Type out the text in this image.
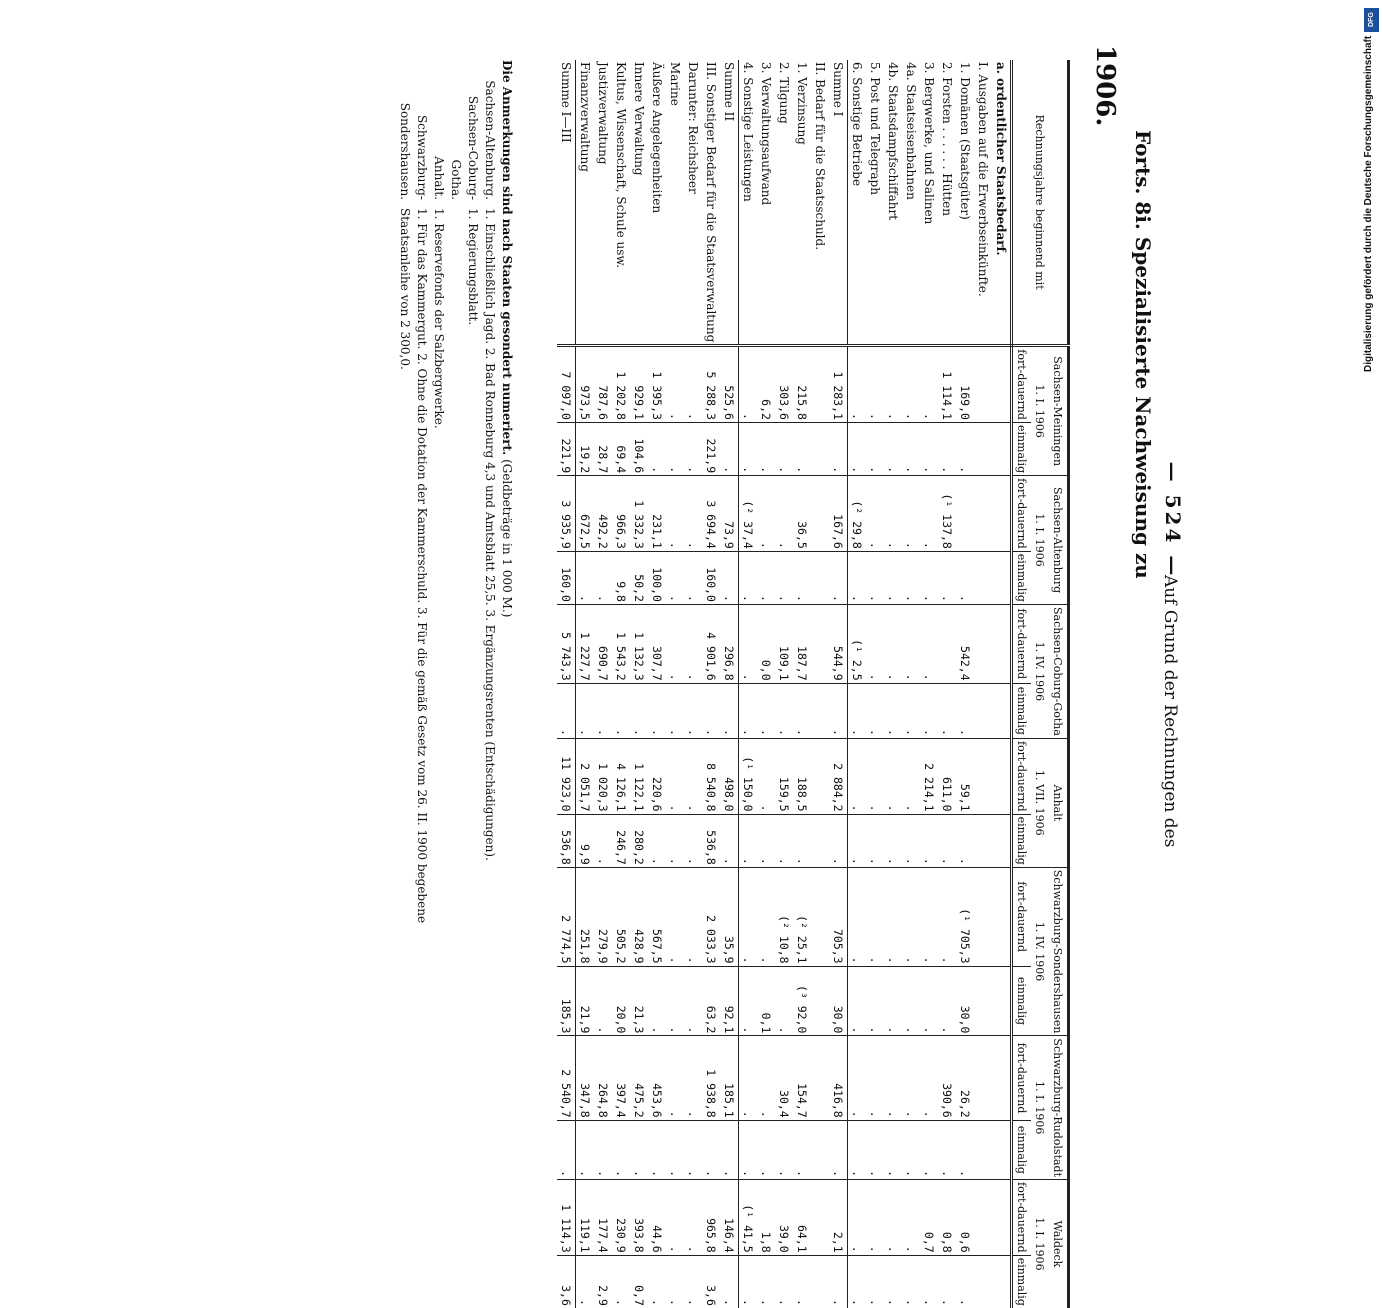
DFG
Digitalisierung gefördert durch die Deutsche Forschungsgemeinschaft
— 524 —
Auf Grund der Rechnungen des
Forts. 8i. Spezialisierte Nachweisung zu
1906.
Rechnungsjahre beginnend mit	Sachsen-Meiningen		Sachsen-Altenburg		Sachsen-Coburg-Gotha		Anhalt		Schwarzburg-Sondershausen		Schwarzburg-Rudolstadt		Waldeck	
	1. I. 1906		1. I. 1906		1. IV. 1906		1. VII. 1906		1. IV. 1906		1. I. 1906		1. I. 1906	
	fort-dauernd	einmalig	fort-dauernd	einmalig	fort-dauernd	einmalig	fort-dauernd	einmalig	fort-dauernd	einmalig	fort-dauernd	einmalig	fort-dauernd	einmalig
a. ordentlicher Staatsbedarf.														
I. Ausgaben auf die Erwerbseinkünfte.														
1. Domänen (Staatsgüter)	169,0	.		.	542,4	.	59,1	.	(¹ 705,3	30,0	26,2	.	0,6	.
2. Forsten . . . . . . Hütten	1 114,1	.	(¹ 137,8	.		.	611,0	.	.	.	390,6	.	0,8	.
3. Bergwerke, und Salinen	.	.	.	.	.	.	2 214,1	.	.	.	.	.	0,7	.
4a. Staatseisenbahnen	.	.	.	.	.	.	.	.	.	.	.	.	.	.
4b. Staatsdampfschiffahrt	.	.	.	.	.	.	.	.	.	.	.	.	.	.
5. Post und Telegraph	.	.	.	.	.	.	.	.	.	.	.	.	.	.
6. Sonstige Betriebe	.	.	(² 29,8	.	(¹ 2,5	.	.	.	.	.	.	.	.	.
Summe I	1 283,1	.	167,6	.	544,9	.	2 884,2	.	705,3	30,0	416,8	.	2,1	.
II. Bedarf für die Staatsschuld.														
1. Verzinsung	215,8	.	36,5	.	187,7	.	188,5	.	(² 25,1	(³ 92,0	154,7	.	64,1	.
2. Tilgung	303,6	.	.	.	109,1	.	159,5	.	(² 10,8	.	30,4	.	39,0	.
3. Verwaltungsaufwand	6,2	.	.	.	0,0	.	.	.	.	0,1	.	.	1,8	.
4. Sonstige Leistungen	.	.	(² 37,4	.	.	.	(¹ 150,0	.	.	.	.	.	(¹ 41,5	.
Summe II	525,6	.	73,9	.	296,8	.	498,0	.	35,9	92,1	185,1	.	146,4	.
III. Sonstiger Bedarf für die Staatsverwaltung	5 288,3	221,9	3 694,4	160,0	4 901,6	.	8 540,8	536,8	2 033,3	63,2	1 938,8	.	965,8	3,6
Darunter: Reichsheer	.	.	.	.	.	.	.	.	.	.	.	.	.	.
Marine	.	.	.	.	.	.	.	.	.	.	.	.	.	.
Äußere Angelegenheiten	1 395,3	.	231,1	100,0	307,7	.	220,6	.	567,5	.	453,6	.	44,6	.
Innere Verwaltung	929,1	104,6	1 332,3	50,2	1 132,3	.	1 122,1	280,2	428,9	21,3	475,2	.	393,8	0,7
Kultus, Wissenschaft, Schule usw.	1 202,8	69,4	966,3	9,8	1 543,2	.	4 126,1	246,7	505,2	20,0	397,4	.	230,9	.
Justizverwaltung	787,6	28,7	492,2	.	690,7	.	1 020,3	.	279,9	.	264,8	.	177,4	2,9
Finanzverwaltung	973,5	19,2	672,5	.	1 227,7	.	2 051,7	9,9	251,8	21,9	347,8	.	119,1	.
Summe I—III	7 097,0	221,9	3 935,9	160,0	5 743,3	.	11 923,0	536,8	2 774,5	185,3	2 540,7	.	1 114,3	3,6
Die Anmerkungen sind nach Staaten gesondert numeriert. (Geldbeträge in 1 000 M.)
Sachsen-Altenburg.
1. Einschließlich Jagd. 2. Bad Ronneburg 4,3 und Amtsblatt 25,5. 3. Ergänzungsrenten (Entschädigungen).
Sachsen-Coburg-Gotha.
1. Regierungsblatt.
Anhalt.
1. Reservefonds der Salzbergwerke.
Schwarzburg-Sondershausen.
1. Für das Kammergut. 2. Ohne die Dotation der Kammerschuld. 3. Für die gemäß Gesetz vom 26. II. 1900 begebene Staatsanleihe von 2 300,0.
